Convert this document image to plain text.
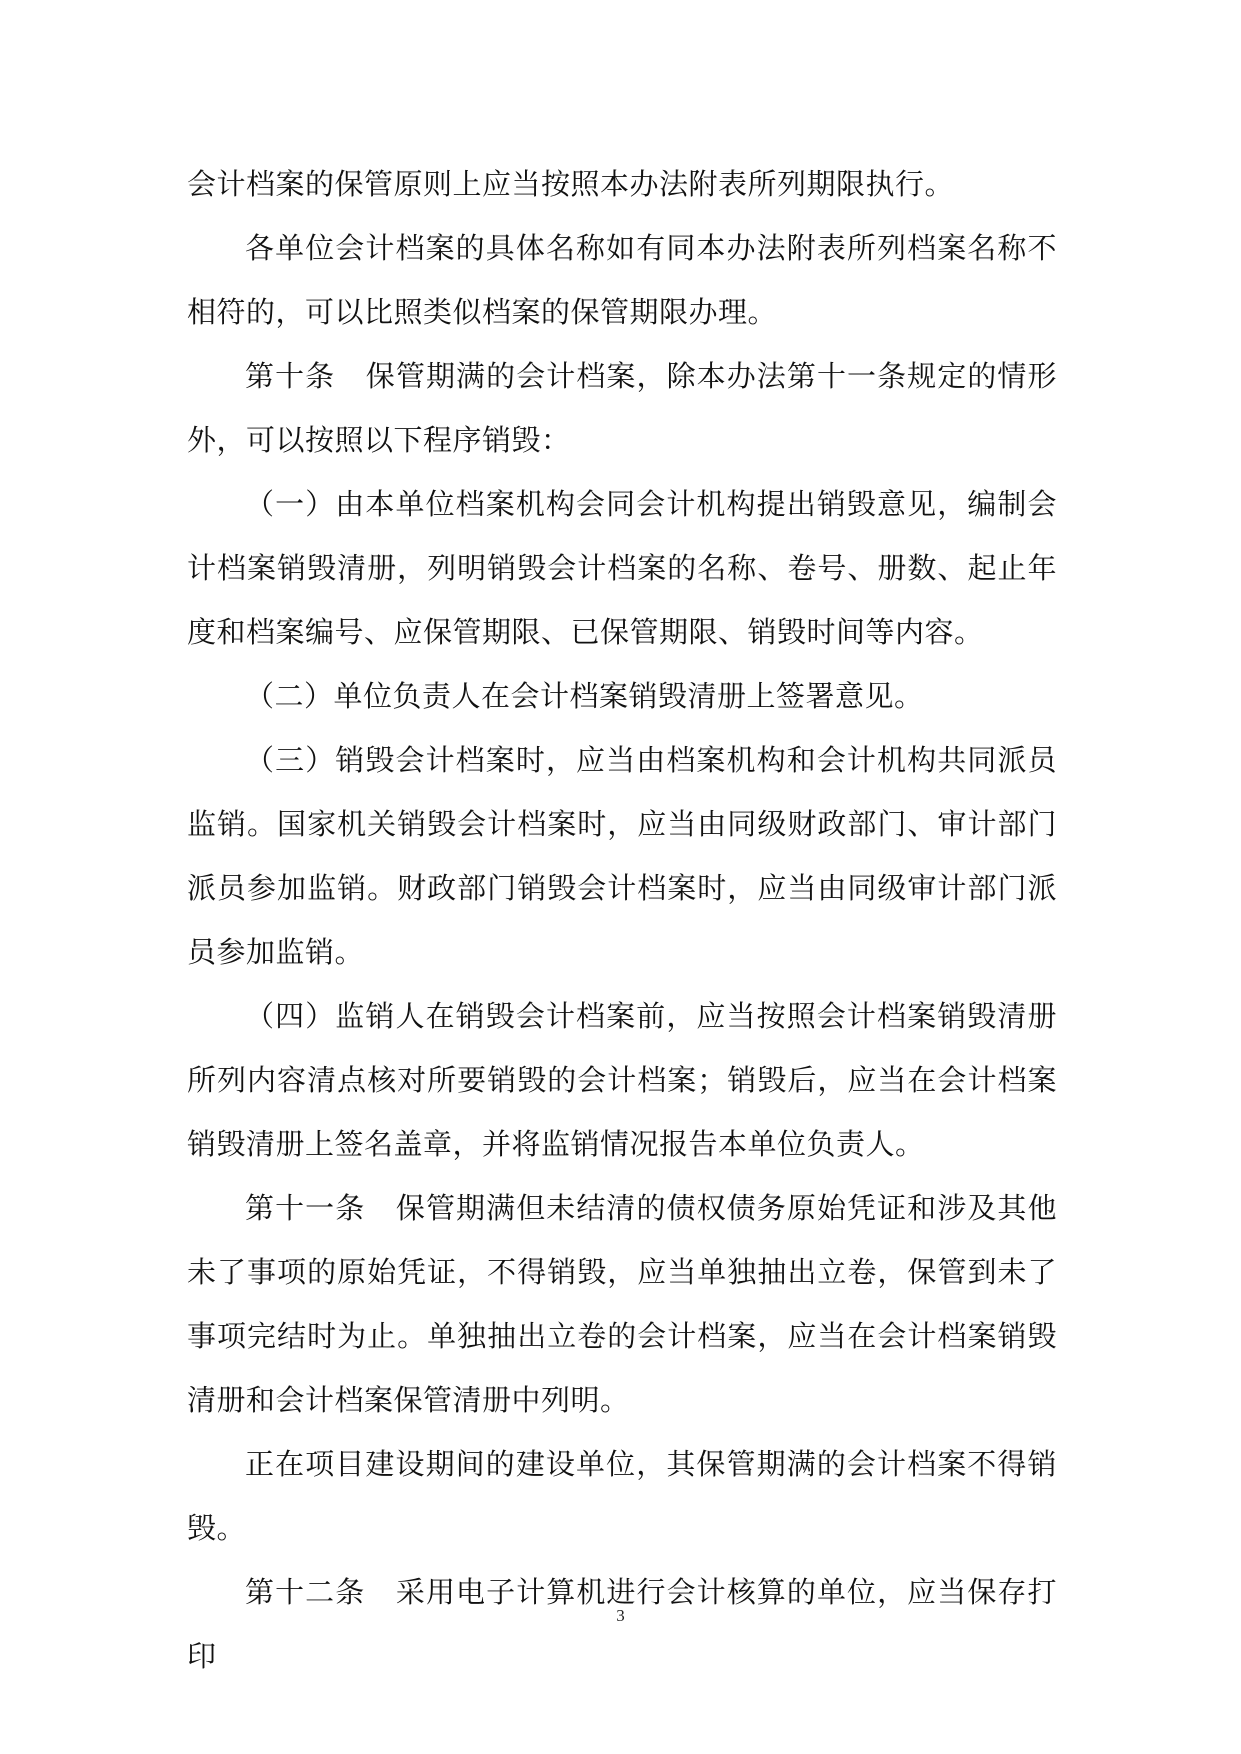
会计档案的保管原则上应当按照本办法附表所列期限执行。

各单位会计档案的具体名称如有同本办法附表所列档案名称不相符的，可以比照类似档案的保管期限办理。

第十条 保管期满的会计档案，除本办法第十一条规定的情形外，可以按照以下程序销毁：

（一）由本单位档案机构会同会计机构提出销毁意见，编制会计档案销毁清册，列明销毁会计档案的名称、卷号、册数、起止年度和档案编号、应保管期限、已保管期限、销毁时间等内容。

（二）单位负责人在会计档案销毁清册上签署意见。

（三）销毁会计档案时，应当由档案机构和会计机构共同派员监销。国家机关销毁会计档案时，应当由同级财政部门、审计部门派员参加监销。财政部门销毁会计档案时，应当由同级审计部门派员参加监销。

（四）监销人在销毁会计档案前，应当按照会计档案销毁清册所列内容清点核对所要销毁的会计档案；销毁后，应当在会计档案销毁清册上签名盖章，并将监销情况报告本单位负责人。

第十一条 保管期满但未结清的债权债务原始凭证和涉及其他未了事项的原始凭证，不得销毁，应当单独抽出立卷，保管到未了事项完结时为止。单独抽出立卷的会计档案，应当在会计档案销毁清册和会计档案保管清册中列明。

正在项目建设期间的建设单位，其保管期满的会计档案不得销毁。

第十二条 采用电子计算机进行会计核算的单位，应当保存打印

3
